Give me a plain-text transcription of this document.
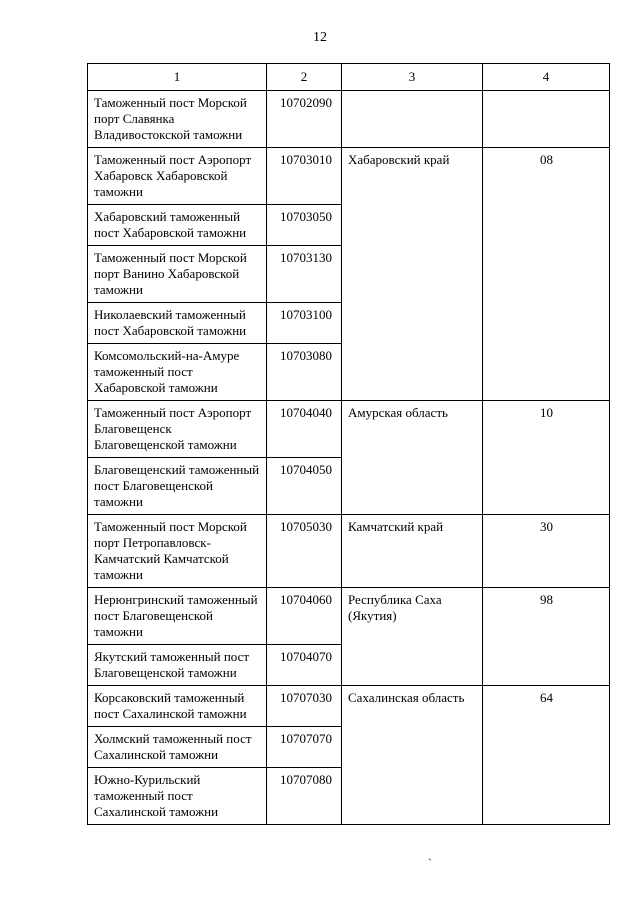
12
1	2	3	4
Таможенный пост Морской порт Славянка Владивостокской таможни	10702090		
Таможенный пост Аэропорт Хабаровск Хабаровской таможни	10703010	Хабаровский край	08
Хабаровский таможенный пост Хабаровской таможни	10703050		
Таможенный пост Морской порт Ванино Хабаровской таможни	10703130		
Николаевский таможенный пост Хабаровской таможни	10703100		
Комсомольский-на-Амуре таможенный пост Хабаровской таможни	10703080		
Таможенный пост Аэропорт Благовещенск Благовещенской таможни	10704040	Амурская область	10
Благовещенский таможенный пост Благовещенской таможни	10704050		
Таможенный пост Морской порт Петропавловск-Камчатский Камчатской таможни	10705030	Камчатский край	30
Нерюнгринский таможенный пост Благовещенской таможни	10704060	Республика Саха (Якутия)	98
Якутский таможенный пост Благовещенской таможни	10704070		
Корсаковский таможенный пост Сахалинской таможни	10707030	Сахалинская область	64
Холмский таможенный пост Сахалинской таможни	10707070		
Южно-Курильский таможенный пост Сахалинской таможни	10707080		
`
